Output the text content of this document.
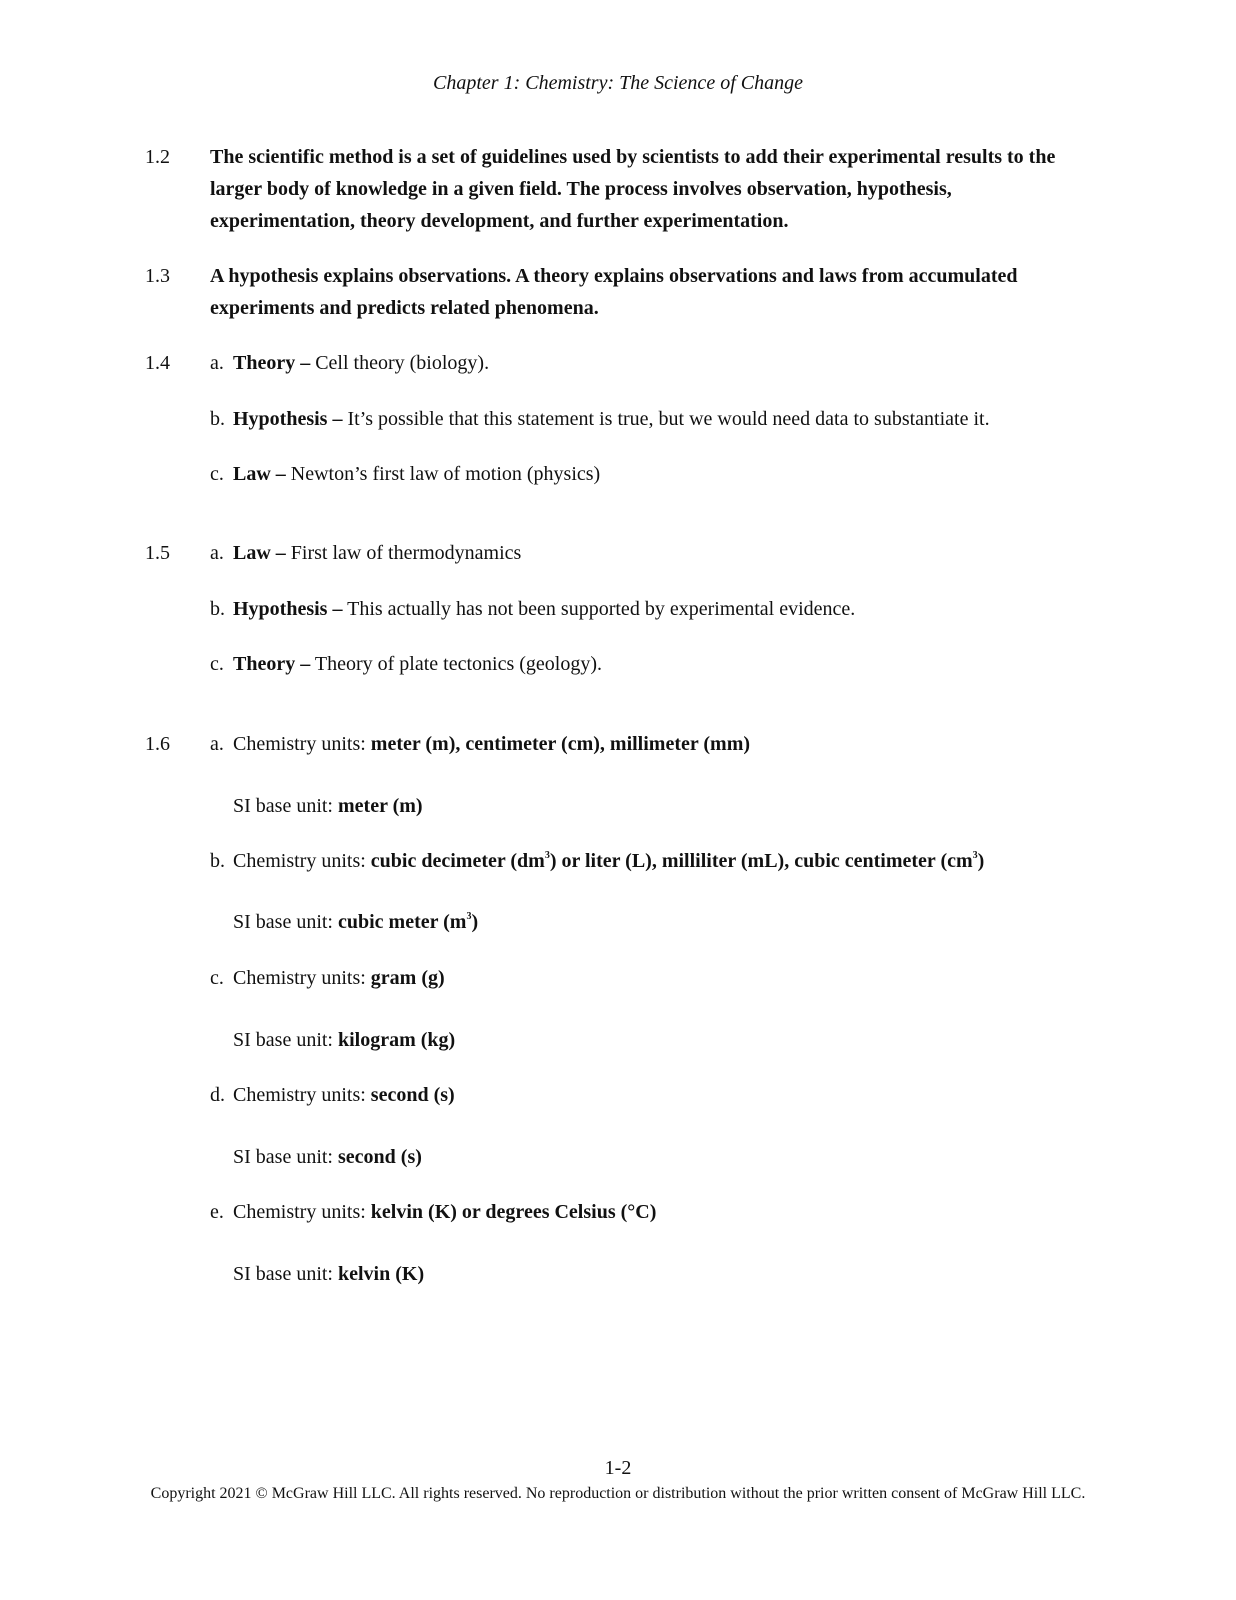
Chapter 1: Chemistry: The Science of Change
1.2 The scientific method is a set of guidelines used by scientists to add their experimental results to the larger body of knowledge in a given field. The process involves observation, hypothesis, experimentation, theory development, and further experimentation.
1.3 A hypothesis explains observations. A theory explains observations and laws from accumulated experiments and predicts related phenomena.
1.4 a. Theory – Cell theory (biology).
b. Hypothesis – It’s possible that this statement is true, but we would need data to substantiate it.
c. Law – Newton’s first law of motion (physics)
1.5 a. Law – First law of thermodynamics
b. Hypothesis – This actually has not been supported by experimental evidence.
c. Theory – Theory of plate tectonics (geology).
1.6 a. Chemistry units: meter (m), centimeter (cm), millimeter (mm)
SI base unit: meter (m)
b. Chemistry units: cubic decimeter $(dm^3)$ or liter (L), milliliter (mL), cubic centimeter $(cm^3)$
SI base unit: cubic meter $(m^3)$
c. Chemistry units: gram (g)
SI base unit: kilogram (kg)
d. Chemistry units: second (s)
SI base unit: second (s)
e. Chemistry units: kelvin (K) or degrees Celsius (°C)
SI base unit: kelvin (K)
1-2
Copyright 2021 © McGraw Hill LLC. All rights reserved. No reproduction or distribution without the prior written consent of McGraw Hill LLC.
